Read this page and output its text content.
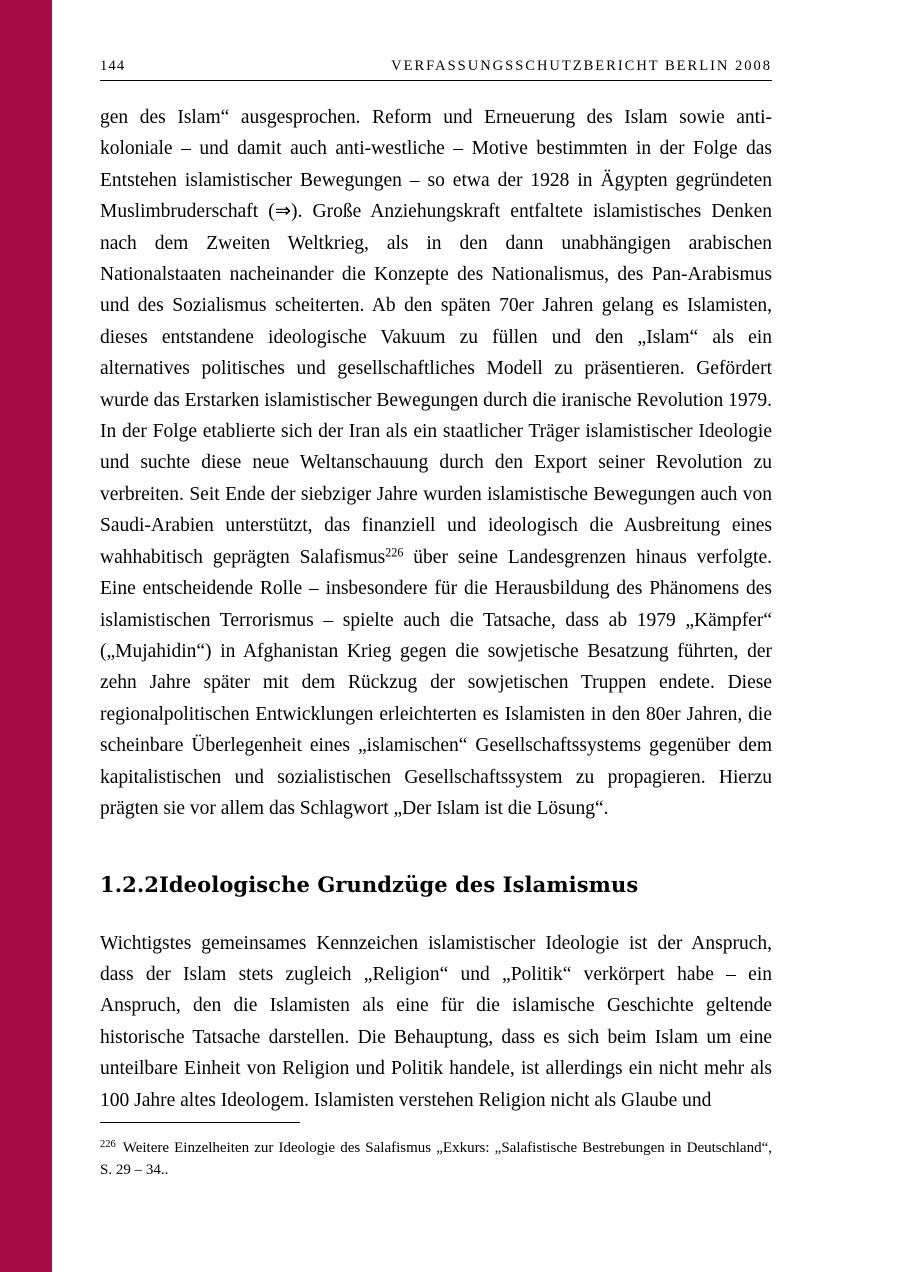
144	VERFASSUNGSSCHUTZBERICHT BERLIN 2008

gen des Islam“ ausgesprochen. Reform und Erneuerung des Islam sowie anti-koloniale – und damit auch anti-westliche – Motive bestimmten in der Folge das Entstehen islamistischer Bewegungen – so etwa der 1928 in Ägypten gegründeten Muslimbruderschaft (⇒). Große Anziehungskraft entfaltete islamistisches Denken nach dem Zweiten Weltkrieg, als in den dann unabhängigen arabischen Nationalstaaten nacheinander die Konzepte des Nationalismus, des Pan-Arabismus und des Sozialismus scheiterten. Ab den späten 70er Jahren gelang es Islamisten, dieses entstandene ideologische Vakuum zu füllen und den „Islam“ als ein alternatives politisches und gesellschaftliches Modell zu präsentieren. Gefördert wurde das Erstarken islamistischer Bewegungen durch die iranische Revolution 1979. In der Folge etablierte sich der Iran als ein staatlicher Träger islamistischer Ideologie und suchte diese neue Weltanschauung durch den Export seiner Revolution zu verbreiten. Seit Ende der siebziger Jahre wurden islamistische Bewegungen auch von Saudi-Arabien unterstützt, das finanziell und ideologisch die Ausbreitung eines wahhabitisch geprägten Salafismus$^{226}$ über seine Landesgrenzen hinaus verfolgte. Eine entscheidende Rolle – insbesondere für die Herausbildung des Phänomens des islamistischen Terrorismus – spielte auch die Tatsache, dass ab 1979 „Kämpfer“ („Mujahidin“) in Afghanistan Krieg gegen die sowjetische Besatzung führten, der zehn Jahre später mit dem Rückzug der sowjetischen Truppen endete. Diese regionalpolitischen Entwicklungen erleichterten es Islamisten in den 80er Jahren, die scheinbare Überlegenheit eines „islamischen“ Gesellschaftssystems gegenüber dem kapitalistischen und sozialistischen Gesellschaftssystem zu propagieren. Hierzu prägten sie vor allem das Schlagwort „Der Islam ist die Lösung“.

1.2.2Ideologische Grundzüge des Islamismus

Wichtigstes gemeinsames Kennzeichen islamistischer Ideologie ist der Anspruch, dass der Islam stets zugleich „Religion“ und „Politik“ verkörpert habe – ein Anspruch, den die Islamisten als eine für die islamische Geschichte geltende historische Tatsache darstellen. Die Behauptung, dass es sich beim Islam um eine unteilbare Einheit von Religion und Politik handele, ist allerdings ein nicht mehr als 100 Jahre altes Ideologem. Islamisten verstehen Religion nicht als Glaube und

$^{226}$ Weitere Einzelheiten zur Ideologie des Salafismus „Exkurs: „Salafistische Bestrebungen in Deutschland“, S. 29 – 34..
